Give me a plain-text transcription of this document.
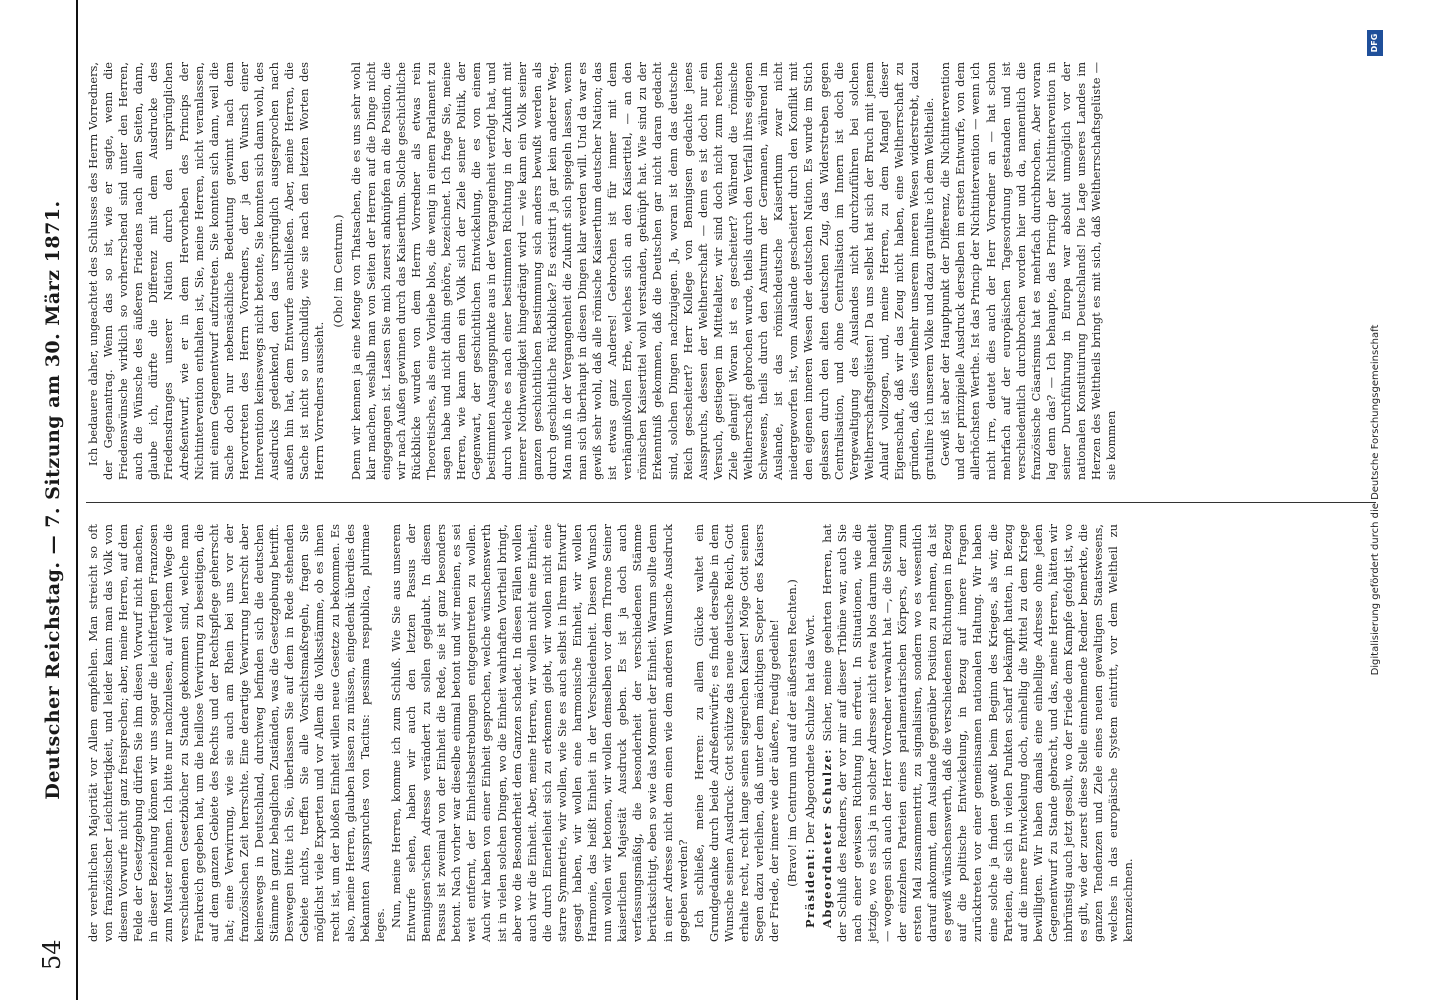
54
Deutscher Reichstag. — 7. Sitzung am 30. März 1871. der verehrlichen Majorität vor Allem empfehlen. Man streicht so oft von französischer Leichtfertigkeit, und leider kann man das Volk von diesem Vorwurfe nicht ganz freisprechen; aber, meine Herren, auf dem Felde der Gesetzgebung dürfen Sie ihm diesen Vorwurf nicht machen, in dieser Beziehung können wir uns sogar die leichtfertigen Franzosen zum Muster nehmen. Ich bitte nur nachzulesen, auf welchem Wege die verschiedenen Gesetzbücher zu Stande gekommen sind, welche man Frankreich gegeben hat, um die heillose Verwirrung zu beseitigen, die auf dem ganzen Gebiete des Rechts und der Rechtspflege geherrscht hat; eine Verwirrung, wie sie auch am Rhein bei uns vor der französischen Zeit herrschte. Eine derartige Verwirrung herrscht aber keineswegs in Deutschland, durchweg befinden sich die deutschen Stämme in ganz behaglichen Zuständen, was die Gesetzgebung betrifft. Deswegen bitte ich Sie, überlassen Sie auf dem in Rede stehenden Gebiete nichts, treffen Sie alle Vorsichtsmaßregeln, fragen Sie möglichst viele Experten und vor Allem die Volksstämme, ob es ihnen recht ist, um der bloßen Einheit willen neue Gesetze zu bekommen. Es also, meine Herren, glauben lassen zu müssen, eingedenk überdies des bekannten Ausspruches von Tacitus: pessima respublica, plurimae leges. Nun, meine Herren, komme ich zum Schluß. Wie Sie aus unserem Entwurfe sehen, haben wir auch den letzten Passus der Bennigsen'schen Adresse verändert zu sollen geglaubt. In diesem Passus ist zweimal von der Einheit die Rede, sie ist ganz besonders betont. Nach vorher war dieselbe einmal betont und wir meinen, es sei weit entfernt, der Einheitsbestrebungen entgegentreten zu wollen. Auch wir haben von einer Einheit gesprochen, welche wünschenswerth ist in vielen solchen Dingen, wo die Einheit wahrhaften Vortheil bringt, aber wo die Besonderheit dem Ganzen schadet. In diesen Fällen wollen auch wir die Einheit. Aber, meine Herren, wir wollen nicht eine Einheit, die durch Einerleiheit sich zu erkennen giebt, wir wollen nicht eine starre Symmetrie, wir wollen, wie Sie es auch selbst in Ihrem Entwurf gesagt haben, wir wollen eine harmonische Einheit, wir wollen Harmonie, das heißt Einheit in der Verschiedenheit. Diesen Wunsch nun wollen wir betonen, wir wollen demselben vor dem Throne Seiner kaiserlichen Majestät Ausdruck geben. Es ist ja doch auch verfassungsmäßig, die besonderheit der verschiedenen Stämme berücksichtigt, eben so wie das Moment der Einheit. Warum sollte denn in einer Adresse nicht dem einen wie dem anderen Wunsche Ausdruck gegeben werden? Ich schließe, meine Herren: zu allem Glücke waltet ein Grundgedanke durch beide Adreßentwürfe; es findet derselbe in dem Wunsche seinen Ausdruck: Gott schütze das neue deutsche Reich, Gott erhalte recht, recht lange seinen siegreichen Kaiser! Möge Gott seinen Segen dazu verleihen, daß unter dem mächtigen Scepter des Kaisers der Friede, der innere wie der äußere, freudig gedeihe! (Bravo! im Centrum und auf der äußersten Rechten.)

Präsident: Der Abgeordnete Schulze hat das Wort. Abgeordneter Schulze: Sicher, meine geehrten Herren, hat der Schluß des Redners, der vor mir auf dieser Tribüne war, auch Sie nach einer gewissen Richtung hin erfreut. In Situationen, wie die jetzige, wo es sich ja in solcher Adresse nicht etwa blos darum handelt — wogegen sich auch der Herr Vorredner verwahrt hat —, die Stellung der einzelnen Parteien eines parlamentarischen Körpers, der zum ersten Mal zusammentritt, zu signalisiren, sondern wo es wesentlich darauf ankommt, dem Auslande gegenüber Position zu nehmen, da ist es gewiß wünschenswerth, daß die verschiedenen Richtungen in Bezug auf die politische Entwickelung, in Bezug auf innere Fragen zurücktreten vor einer gemeinsamen nationalen Haltung. Wir haben eine solche ja finden gewußt beim Beginn des Krieges, als wir, die Parteien, die sich in vielen Punkten scharf bekämpft hatten, in Bezug auf die innere Entwickelung doch, einhellig die Mittel zu dem Kriege bewilligten. Wir haben damals eine einhellige Adresse ohne jeden Gegenentwurf zu Stande gebracht, und das, meine Herren, hätten wir inbrünstig auch jetzt gesollt, wo der Friede dem Kampfe gefolgt ist, wo es gilt, wie der zuerst diese Stelle einnehmende Redner bemerkte, die ganzen Tendenzen und Ziele eines neuen gewaltigen Staatswesens, welches in das europäische System eintritt, vor dem Weltheil zu kennzeichnen.

Ich bedauere daher, ungeachtet des Schlusses des Herrn Vorredners, der Gegenantrag. Wenn das so ist, wie er sagte, wenn die Friedenswünsche wirklich so vorherrschend sind unter den Herren, auch die Wünsche des äußeren Friedens nach allen Seiten, dann, glaube ich, dürfte die Differenz mit dem Ausdrucke des Friedensdranges unserer Nation durch den ursprünglichen Adreßentwurf, wie er in dem Hervorheben des Princips der Nichtintervention enthalten ist, Sie, meine Herren, nicht veranlassen, mit einem Gegenentwurf aufzutreten. Sie konnten sich dann, weil die Sache doch nur nebensächliche Bedeutung gewinnt nach dem Hervortreten des Herrn Vorredners, der ja den Wunsch einer Intervention keineswegs nicht betonte, Sie konnten sich dann wohl, des Ausdrucks gedenkend, den das ursprünglich ausgesprochen nach außen hin hat, dem Entwurfe anschließen. Aber, meine Herren, die Sache ist nicht so unschuldig, wie sie nach den letzten Worten des Herrn Vorredners aussieht.

(Oho! im Centrum.) Denn wir kennen ja eine Menge von Thatsachen, die es uns sehr wohl klar machen, weshalb man von Seiten der Herren auf die Dinge nicht eingegangen ist. Lassen Sie mich zuerst anknüpfen an die Position, die wir nach Außen gewinnen durch das Kaiserthum. Solche geschichtliche Rückblicke wurden von dem Herrn Vorredner als etwas rein Theoretisches, als eine Vorliebe blos, die wenig in einem Parlament zu sagen habe und nicht dahin gehöre, bezeichnet. Ich frage Sie, meine Herren, wie kann denn ein Volk sich der Ziele seiner Politik, der Gegenwart, der geschichtlichen Entwickelung, die es von einem bestimmten Ausgangspunkte aus in der Vergangenheit verfolgt hat, und durch welche es nach einer bestimmten Richtung in der Zukunft mit innerer Nothwendigkeit hingedrängt wird — wie kann ein Volk seiner ganzen geschichtlichen Bestimmung sich anders bewußt werden als durch geschichtliche Rückblicke? Es existirt ja gar kein anderer Weg. Man muß in der Vergangenheit die Zukunft sich spiegeln lassen, wenn man sich überhaupt in diesen Dingen klar werden will. Und da war es gewiß sehr wohl, daß alle römische Kaiserthum deutscher Nation; das ist etwas ganz Anderes! Gebrochen ist für immer mit dem verhängnißvollen Erbe, welches sich an den Kaisertitel, — an den römischen Kaisertitel wohl verstanden, geknüpft hat. Wie sind zu der Erkenntniß gekommen, daß die Deutschen gar nicht daran gedacht sind, solchen Dingen nachzujagen. Ja, woran ist denn das deutsche Reich gescheitert? Herr Kollege von Bennigsen gedachte jenes Ausspruchs, dessen der Weltherrschaft — denn es ist doch nur ein Versuch, gestiegen im Mittelalter, wir sind doch nicht zum rechten Ziele gelangt! Woran ist es gescheitert? Während die römische Weltherrschaft gebrochen wurde, theils durch den Verfall ihres eigenen Schwesens, theils durch den Ansturm der Germanen, während im Auslande, ist das römischdeutsche Kaiserthum zwar nicht niedergeworfen ist, vom Auslande gescheitert durch den Konflikt mit den eigenen inneren Wesen der deutschen Nation. Es wurde im Stich gelassen durch den alten deutschen Zug, das Widerstreben gegen Centralisation, und ohne Centralisation im Innern ist doch die Vergewaltigung des Auslandes nicht durchzuführen bei solchen Weltherrschaftsgelüsten! Da uns selbst hat sich der Bruch mit jenem Anlauf vollzogen, und, meine Herren, zu dem Mangel dieser Eigenschaft, daß wir das Zeug nicht haben, eine Weltherrschaft zu gründen, daß dies vielmehr unserem inneren Wesen widerstrebt, dazu gratulire ich unserem Volke und dazu gratulire ich dem Weltheile. Gewiß ist aber der Hauptpunkt der Differenz, die Nichtintervention und der prinzipielle Ausdruck derselben im ersten Entwurfe, von dem allerhöchsten Werthe. Ist das Princip der Nichtintervention — wenn ich nicht irre, deutet dies auch der Herr Vorredner an — hat schon mehrfach auf der europäischen Tagesordnung gestanden und ist verschiedentlich durchbrochen worden hier und da, namentlich die französische Cäsarismus hat es mehrfach durchbrochen. Aber woran lag denn das? — Ich behaupte, das Princip der Nichtintervention in seiner Durchführung in Europa war absolut unmöglich vor der nationalen Konstituirung Deutschlands! Die Lage unseres Landes im Herzen des Welttheils bringt es mit sich, daß Weltherrschaftsgelüste — sie kommen	Digitalisierung gefördert durch die Deutsche Forschungsgemeinschaft
DFG
